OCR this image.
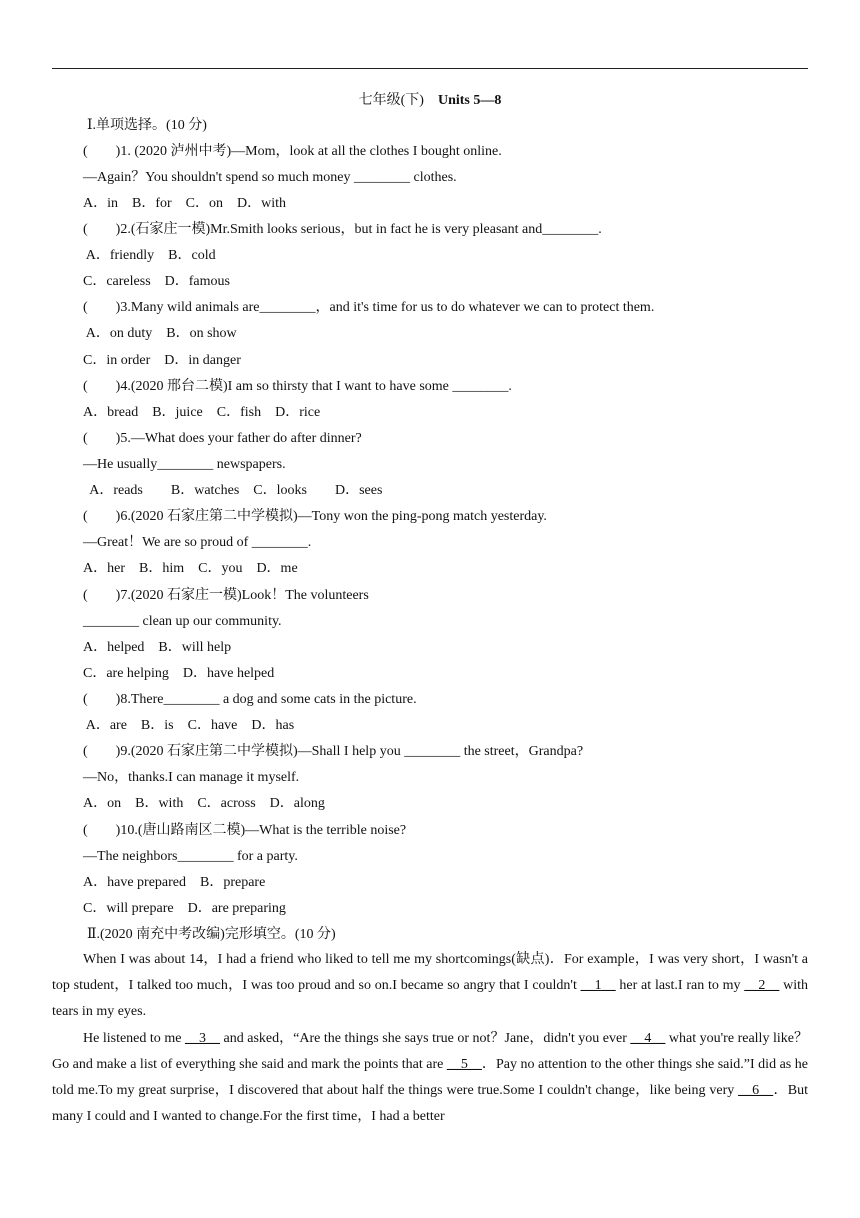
七年级(下) Units 5—8
Ⅰ.单项选择。(10 分)
(　　)1. (2020 泸州中考)—Mom，look at all the clothes I bought online.
—Again？You shouldn't spend so much money ________ clothes.
A．in　B．for　C．on　D．with
(　　)2.(石家庄一模)Mr.Smith looks serious，but in fact he is very pleasant and________.
A．friendly　B．cold
C．careless　D．famous
(　　)3.Many wild animals are________，and it's time for us to do whatever we can to protect them.
A．on duty　B．on show
C．in order　D．in danger
(　　)4.(2020 邢台二模)I am so thirsty that I want to have some ________.
A．bread　B．juice　C．fish　D．rice
(　　)5.—What does your father do after dinner?
—He usually________ newspapers.
A．reads　　B．watches　C．looks　　D．sees
(　　)6.(2020 石家庄第二中学模拟)—Tony won the ping-pong match yesterday.
—Great！We are so proud of ________.
A．her　B．him　C．you　D．me
(　　)7.(2020 石家庄一模)Look！The volunteers
________ clean up our community.
A．helped　B．will help
C．are helping　D．have helped
(　　)8.There________ a dog and some cats in the picture.
A．are　B．is　C．have　D．has
(　　)9.(2020 石家庄第二中学模拟)—Shall I help you ________ the street，Grandpa?
—No，thanks.I can manage it myself.
A．on　B．with　C．across　D．along
(　　)10.(唐山路南区二模)—What is the terrible noise?
—The neighbors________ for a party.
A．have prepared　B．prepare
C．will prepare　D．are preparing
Ⅱ.(2020 南充中考改编)完形填空。(10 分)

When I was about 14，I had a friend who liked to tell me my shortcomings(缺点)．For example，I was very short，I wasn't a top student，I talked too much，I was too proud and so on.I became so angry that I couldn't __1__ her at last.I ran to my __2__ with tears in my eyes.

He listened to me __3__ and asked，“Are the things she says true or not？Jane，didn't you ever __4__ what you're really like？Go and make a list of everything she said and mark the points that are __5__．Pay no attention to the other things she said.”I did as he told me.To my great surprise，I discovered that about half the things were true.Some I couldn't change，like being very __6__．But many I could and I wanted to change.For the first time，I had a better
